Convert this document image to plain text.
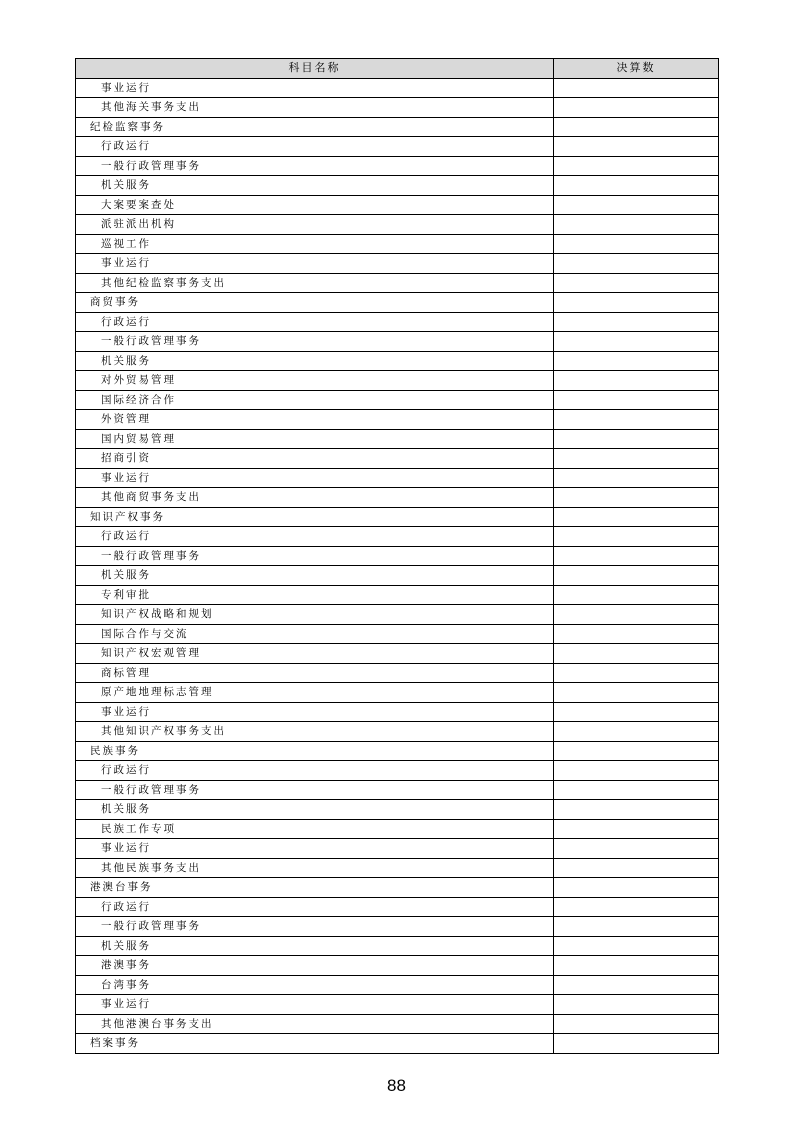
科目名称	决算数
事业运行	
其他海关事务支出	
纪检监察事务	
行政运行	
一般行政管理事务	
机关服务	
大案要案查处	
派驻派出机构	
巡视工作	
事业运行	
其他纪检监察事务支出	
商贸事务	
行政运行	
一般行政管理事务	
机关服务	
对外贸易管理	
国际经济合作	
外资管理	
国内贸易管理	
招商引资	
事业运行	
其他商贸事务支出	
知识产权事务	
行政运行	
一般行政管理事务	
机关服务	
专利审批	
知识产权战略和规划	
国际合作与交流	
知识产权宏观管理	
商标管理	
原产地地理标志管理	
事业运行	
其他知识产权事务支出	
民族事务	
行政运行	
一般行政管理事务	
机关服务	
民族工作专项	
事业运行	
其他民族事务支出	
港澳台事务	
行政运行	
一般行政管理事务	
机关服务	
港澳事务	
台湾事务	
事业运行	
其他港澳台事务支出	
档案事务	
88
